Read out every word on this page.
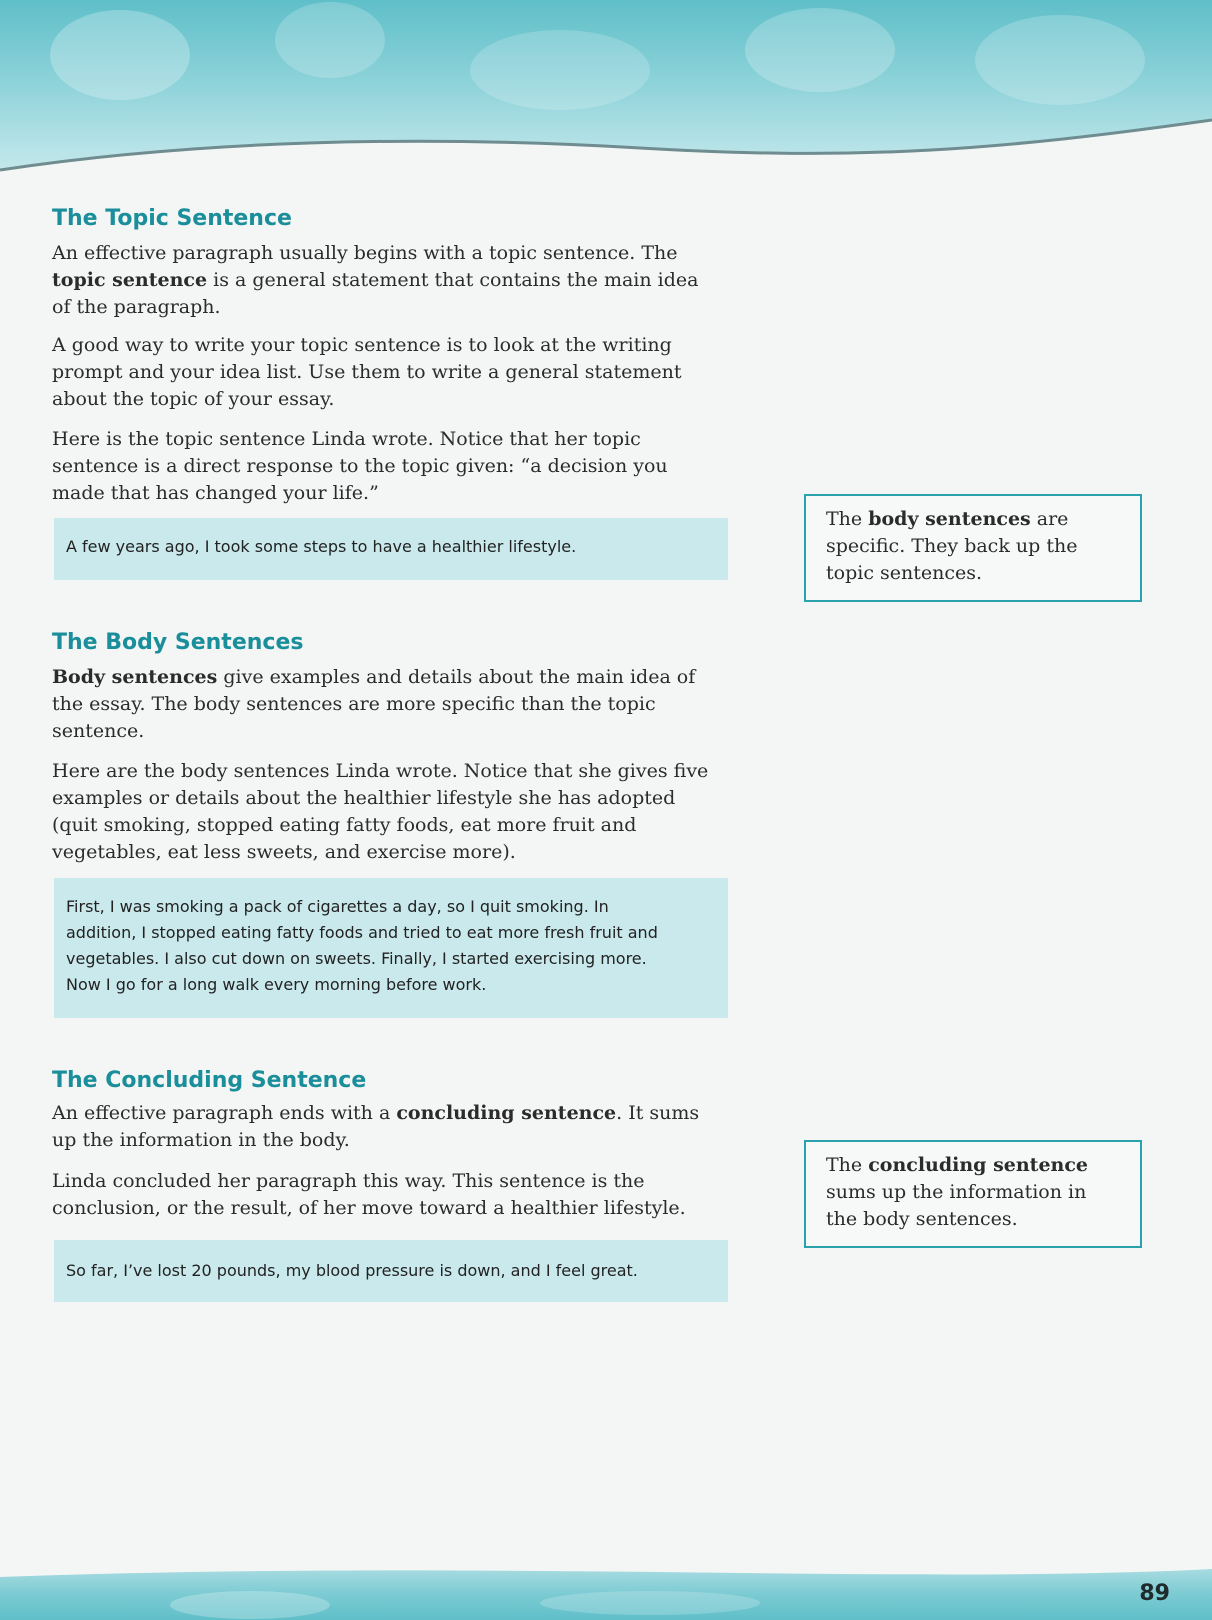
The Topic Sentence

An effective paragraph usually begins with a topic sentence. The topic sentence is a general statement that contains the main idea of the paragraph.

A good way to write your topic sentence is to look at the writing prompt and your idea list. Use them to write a general statement about the topic of your essay.

Here is the topic sentence Linda wrote. Notice that her topic sentence is a direct response to the topic given: “a decision you made that has changed your life.”

A few years ago, I took some steps to have a healthier lifestyle.
The Body Sentences

Body sentences give examples and details about the main idea of the essay. The body sentences are more specific than the topic sentence.

Here are the body sentences Linda wrote. Notice that she gives five examples or details about the healthier lifestyle she has adopted (quit smoking, stopped eating fatty foods, eat more fruit and vegetables, eat less sweets, and exercise more).

First, I was smoking a pack of cigarettes a day, so I quit smoking. In
addition, I stopped eating fatty foods and tried to eat more fresh fruit and
vegetables. I also cut down on sweets. Finally, I started exercising more.
Now I go for a long walk every morning before work.
The Concluding Sentence

An effective paragraph ends with a concluding sentence. It sums up the information in the body.

Linda concluded her paragraph this way. This sentence is the conclusion, or the result, of her move toward a healthier lifestyle.

So far, I’ve lost 20 pounds, my blood pressure is down, and I feel great.
The body sentences are specific. They back up the topic sentences.
The concluding sentence sums up the information in the body sentences.
89
